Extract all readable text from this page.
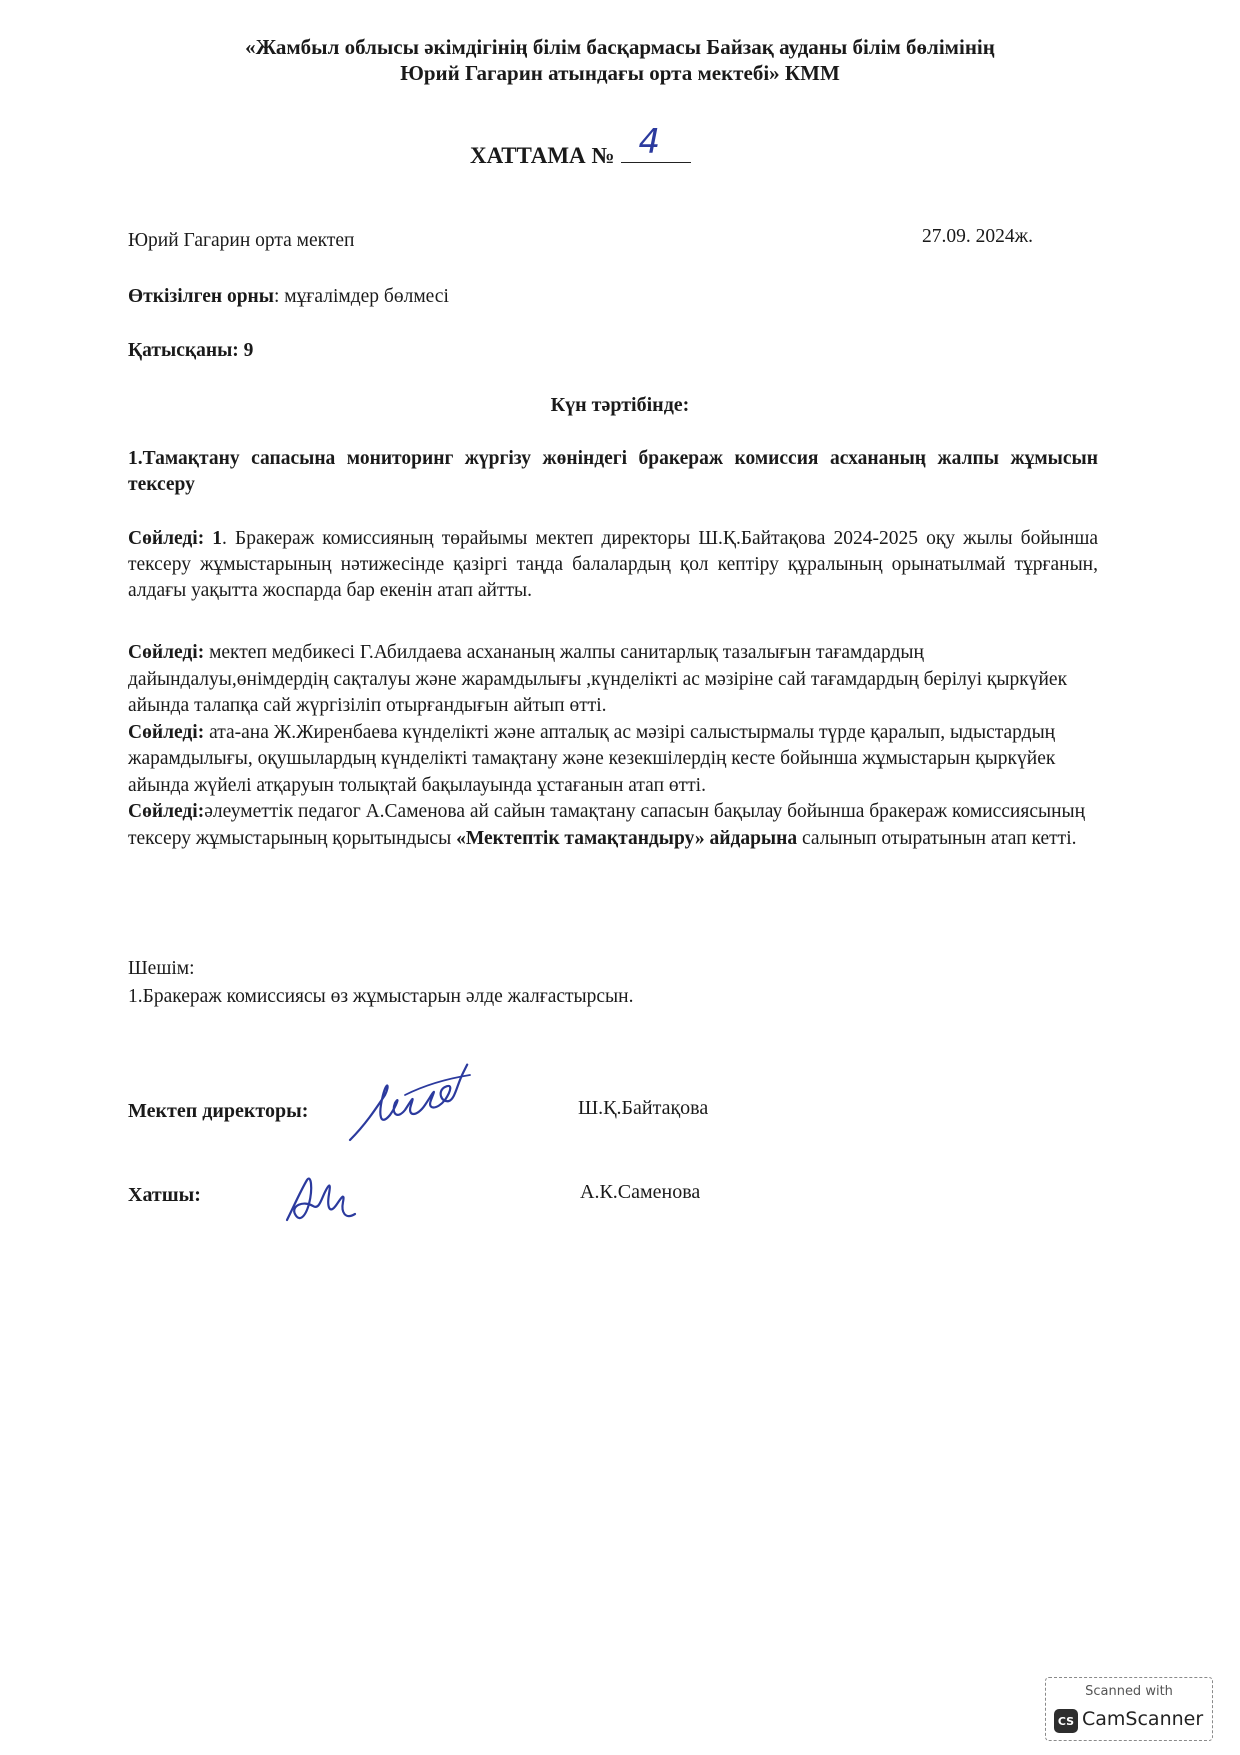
«Жамбыл облысы әкімдігінің білім басқармасы Байзақ ауданы білім бөлімінің
Юрий Гагарин атындағы орта мектебі» КММ
ХАТТАМА № 4
Юрий Гагарин орта мектеп	27.09. 2024ж.
Өткізілген орны: мұғалімдер бөлмесі
Қатысқаны: 9
Күн тәртібінде:
1.Тамақтану сапасына мониторинг жүргізу жөніндегі бракераж комиссия асхананың жалпы жұмысын тексеру
Сөйледі: 1. Бракераж комиссияның төрайымы мектеп директоры Ш.Қ.Байтақова 2024-2025 оқу жылы бойынша тексеру жұмыстарының нәтижесінде қазіргі таңда балалардың қол кептіру құралының орынатылмай тұрғанын, алдағы уақытта жоспарда бар екенін атап айтты.
Сөйледі: мектеп медбикесі Г.Абилдаева асхананың жалпы санитарлық тазалығын тағамдардың дайындалуы,өнімдердің сақталуы және жарамдылығы ,күнделікті ас мәзіріне сай тағамдардың берілуі қыркүйек айында талапқа сай жүргізіліп отырғандығын айтып өтті.
Сөйледі: ата-ана Ж.Жиренбаева күнделікті және апталық ас мәзірі салыстырмалы түрде қаралып, ыдыстардың жарамдылығы, оқушылардың күнделікті тамақтану және кезекшілердің кесте бойынша жұмыстарын қыркүйек айында жүйелі атқаруын толықтай бақылауында ұстағанын атап өтті.
Сөйледі:әлеуметтік педагог А.Саменова ай сайын тамақтану сапасын бақылау бойынша бракераж комиссиясының тексеру жұмыстарының қорытындысы «Мектептік тамақтандыру» айдарына салынып отыратынын атап кетті.
Шешім:
1.Бракераж комиссиясы өз жұмыстарын әлде жалғастырсын.
Мектеп директоры:	Ш.Қ.Байтақова
Хатшы:	А.К.Саменова
Scanned with
CS CamScanner
